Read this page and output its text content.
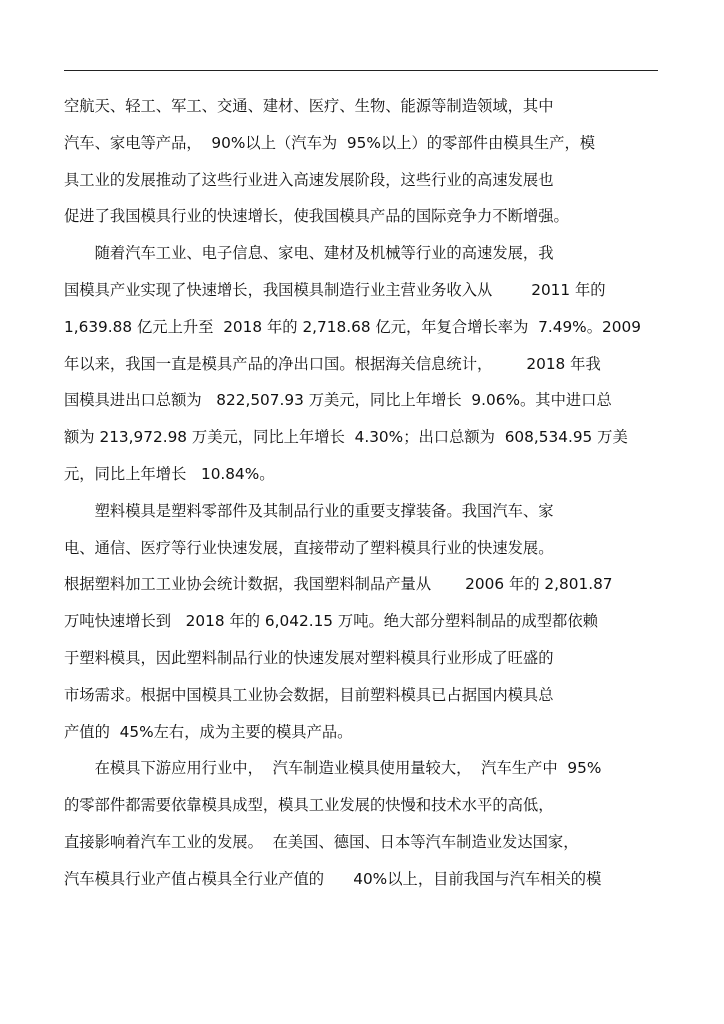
空航天、轻工、军工、交通、建材、医疗、生物、能源等制造领域，其中
汽车、家电等产品，  90%以上（汽车为  95%以上）的零部件由模具生产，模
具工业的发展推动了这些行业进入高速发展阶段，这些行业的高速发展也
促进了我国模具行业的快速增长，使我国模具产品的国际竞争力不断增强。
　　随着汽车工业、电子信息、家电、建材及机械等行业的高速发展，我
国模具产业实现了快速增长，我国模具制造行业主营业务收入从        2011 年的
1,639.88 亿元上升至  2018 年的 2,718.68 亿元，年复合增长率为  7.49%。2009
年以来，我国一直是模具产品的净出口国。根据海关信息统计，       2018 年我
国模具进出口总额为   822,507.93 万美元，同比上年增长  9.06%。其中进口总
额为 213,972.98 万美元，同比上年增长  4.30%；出口总额为  608,534.95 万美
元，同比上年增长   10.84%。
　　塑料模具是塑料零部件及其制品行业的重要支撑装备。我国汽车、家
电、通信、医疗等行业快速发展，直接带动了塑料模具行业的快速发展。
根据塑料加工工业协会统计数据，我国塑料制品产量从       2006 年的 2,801.87
万吨快速增长到   2018 年的 6,042.15 万吨。绝大部分塑料制品的成型都依赖
于塑料模具，因此塑料制品行业的快速发展对塑料模具行业形成了旺盛的
市场需求。根据中国模具工业协会数据，目前塑料模具已占据国内模具总
产值的  45%左右，成为主要的模具产品。
　　在模具下游应用行业中，  汽车制造业模具使用量较大，  汽车生产中  95%
的零部件都需要依靠模具成型，模具工业发展的快慢和技术水平的高低，
直接影响着汽车工业的发展。  在美国、德国、日本等汽车制造业发达国家，
汽车模具行业产值占模具全行业产值的      40%以上，目前我国与汽车相关的模
